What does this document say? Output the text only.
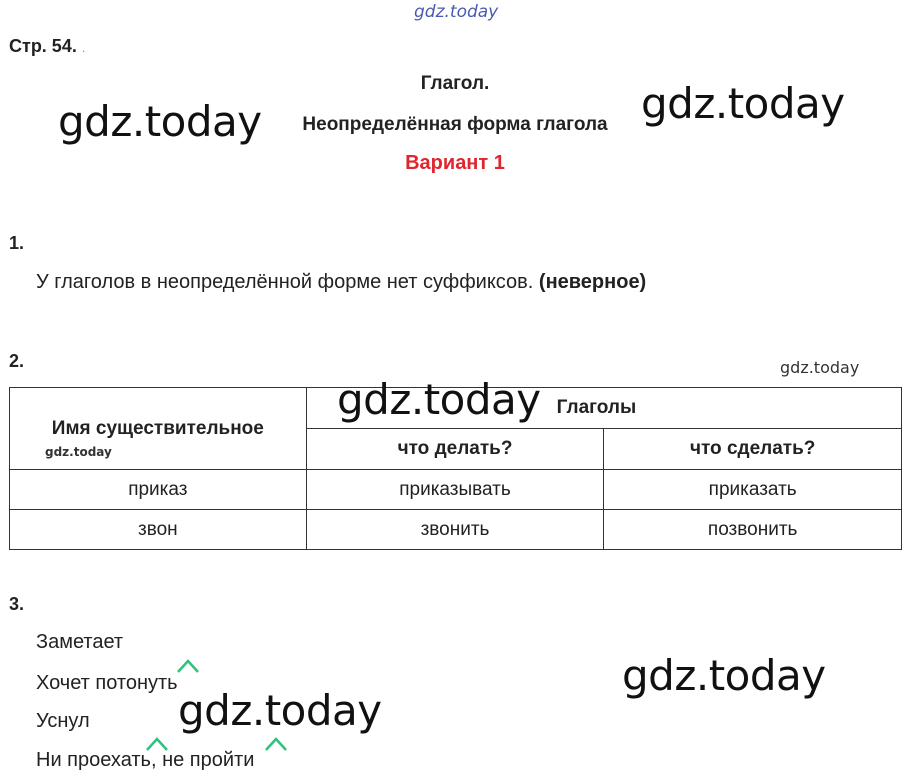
gdz.today
Стр. 54. .
Глагол.
Неопределённая форма глагола
Вариант 1
gdz.today	gdz.today
1.
У глаголов в неопределённой форме нет суффиксов. (неверное)
2.	gdz.today
Имя существительное
gdz.today	Глаголы	
	что делать?	что сделать?
приказ	приказывать	приказать
звон	звонить	позвонить
gdz.today
3.
Заметает
Хочет потонуть
Уснул
Ни проехать, не пройти
gdz.today
gdz.today
